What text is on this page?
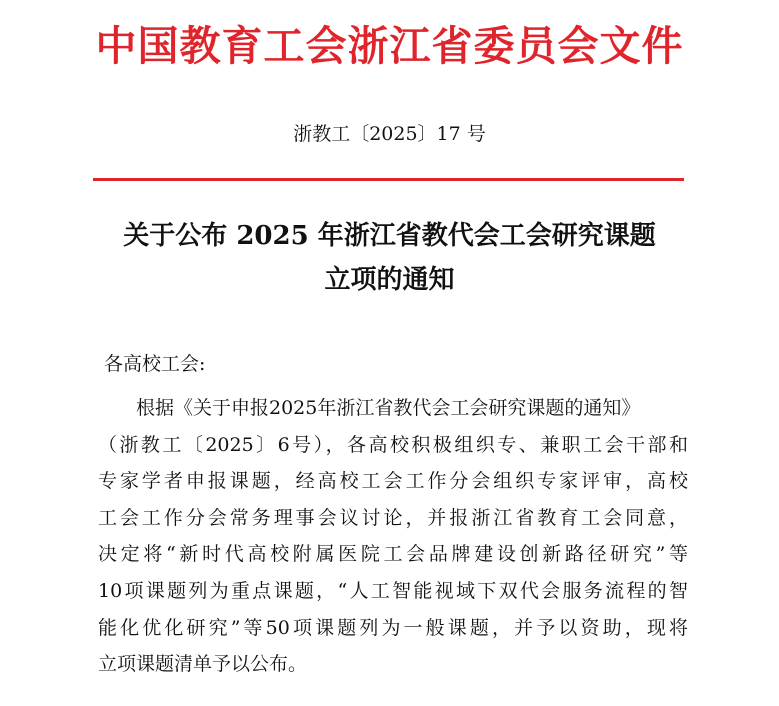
中国教育工会浙江省委员会文件
浙教工〔2025〕17 号
关于公布 2025 年浙江省教代会工会研究课题
立项的通知
各高校工会:
根据《关于申报2025年浙江省教代会工会研究课题的通知》
（浙教工〔2025〕6号），各高校积极组织专、兼职工会干部和
专家学者申报课题，经高校工会工作分会组织专家评审，高校
工会工作分会常务理事会议讨论，并报浙江省教育工会同意，
决定将“新时代高校附属医院工会品牌建设创新路径研究”等
10项课题列为重点课题，“人工智能视域下双代会服务流程的智
能化优化研究”等50项课题列为一般课题，并予以资助，现将
立项课题清单予以公布。
